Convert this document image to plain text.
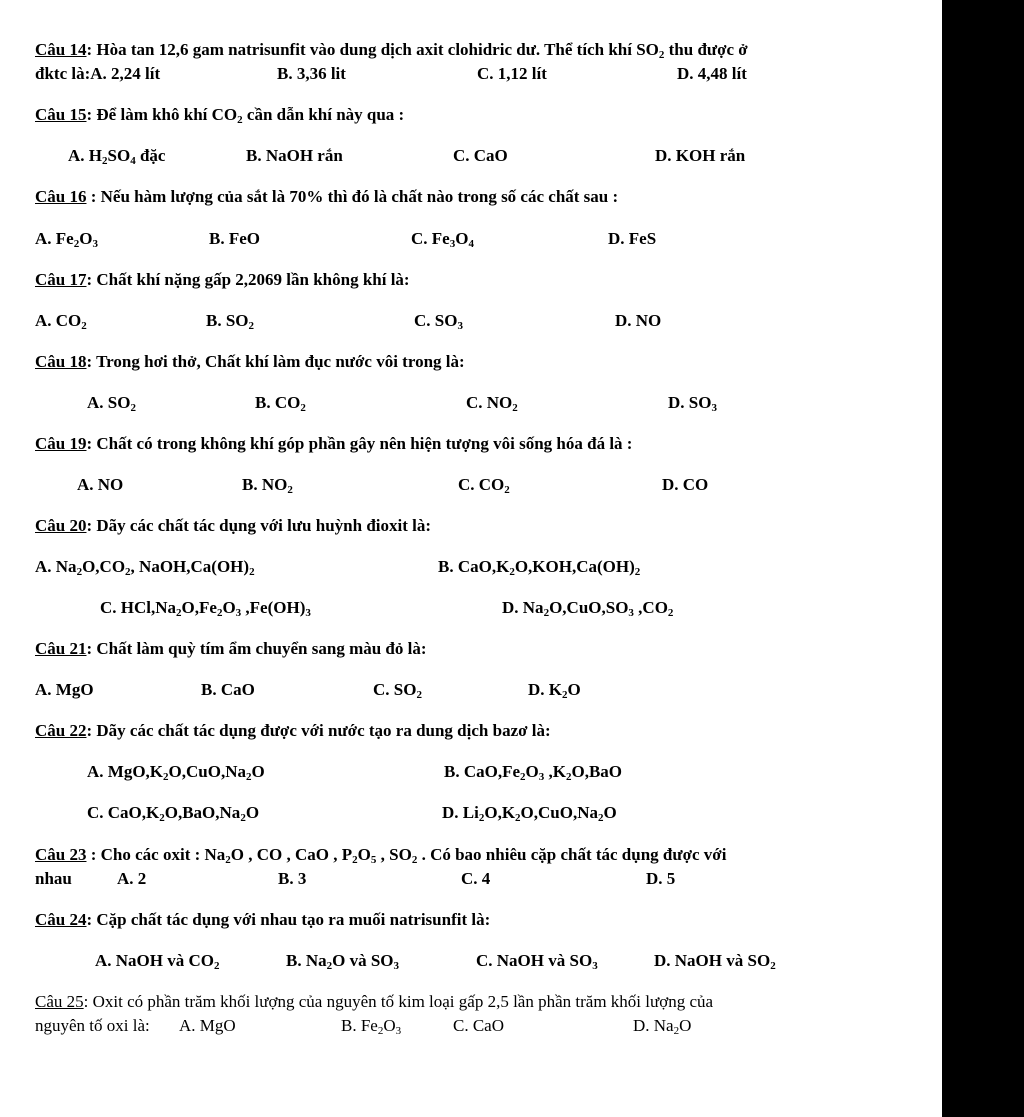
Câu 14: Hòa tan 12,6 gam natrisunfit vào dung dịch axit clohidric dư. Thể tích khí $SO_2$ thu được ở
đktc là: A. 2,24 lít	B. 3,36 lit	C. 1,12 lít	D. 4,48 lít
Câu 15: Để làm khô khí $CO_2$ cần dẫn khí này qua :
A. $H_2SO_4$ đặc	B. NaOH rắn	C. CaO	D. KOH rắn
Câu 16 : Nếu hàm lượng của sắt là 70% thì đó là chất nào trong số các chất sau :
A. $Fe_2O_3$	B. FeO	C. $Fe_3O_4$	D. FeS
Câu 17: Chất khí nặng gấp 2,2069 lần không khí là:
A. $CO_2$	B. $SO_2$	C. $SO_3$	D. NO
Câu 18: Trong hơi thở, Chất khí làm đục nước vôi trong là:
A. $SO_2$	B. $CO_2$	C. $NO_2$	D. $SO_3$
Câu 19: Chất có trong không khí góp phần gây nên hiện tượng vôi sống hóa đá là :
A. NO	B. $NO_2$	C. $CO_2$	D. CO
Câu 20: Dãy các chất tác dụng với lưu huỳnh đioxit là:
A. $Na_2O,CO_2$, $NaOH,Ca(OH)_2$	B. $CaO,K_2O,KOH,Ca(OH)_2$
C. $HCl,Na_2O,Fe_2O_3$ $,Fe(OH)_3$	D. $Na_2O,CuO,SO_3$ $,CO_2$
Câu 21: Chất làm quỳ tím ẩm chuyển sang màu đỏ là:
A. MgO	B. CaO	C. $SO_2$	D. $K_2O$
Câu 22: Dãy các chất tác dụng được với nước tạo ra dung dịch bazơ là:
A. $MgO,K_2O,CuO,Na_2O$	B. $CaO,Fe_2O_3$ $,K_2O,BaO$
C. $CaO,K_2O,BaO,Na_2O$	D. $Li_2O,K_2O,CuO,Na_2O$
Câu 23 : Cho các oxit : $Na_2O$ , CO , CaO , $P_2O_5$ , $SO_2$ . Có bao nhiêu cặp chất tác dụng được với
nhau	A. 2	B. 3	C. 4	D. 5
Câu 24: Cặp chất tác dụng với nhau tạo ra muối natrisunfit là:
A. NaOH và $CO_2$	B. $Na_2O$ và $SO_3$	C. NaOH và $SO_3$	D. NaOH và $SO_2$
Câu 25: Oxit có phần trăm khối lượng của nguyên tố kim loại gấp 2,5 lần phần trăm khối lượng của
nguyên tố oxi là: A. MgO	B. $Fe_2O_3$	C. CaO	D. $Na_2O$
